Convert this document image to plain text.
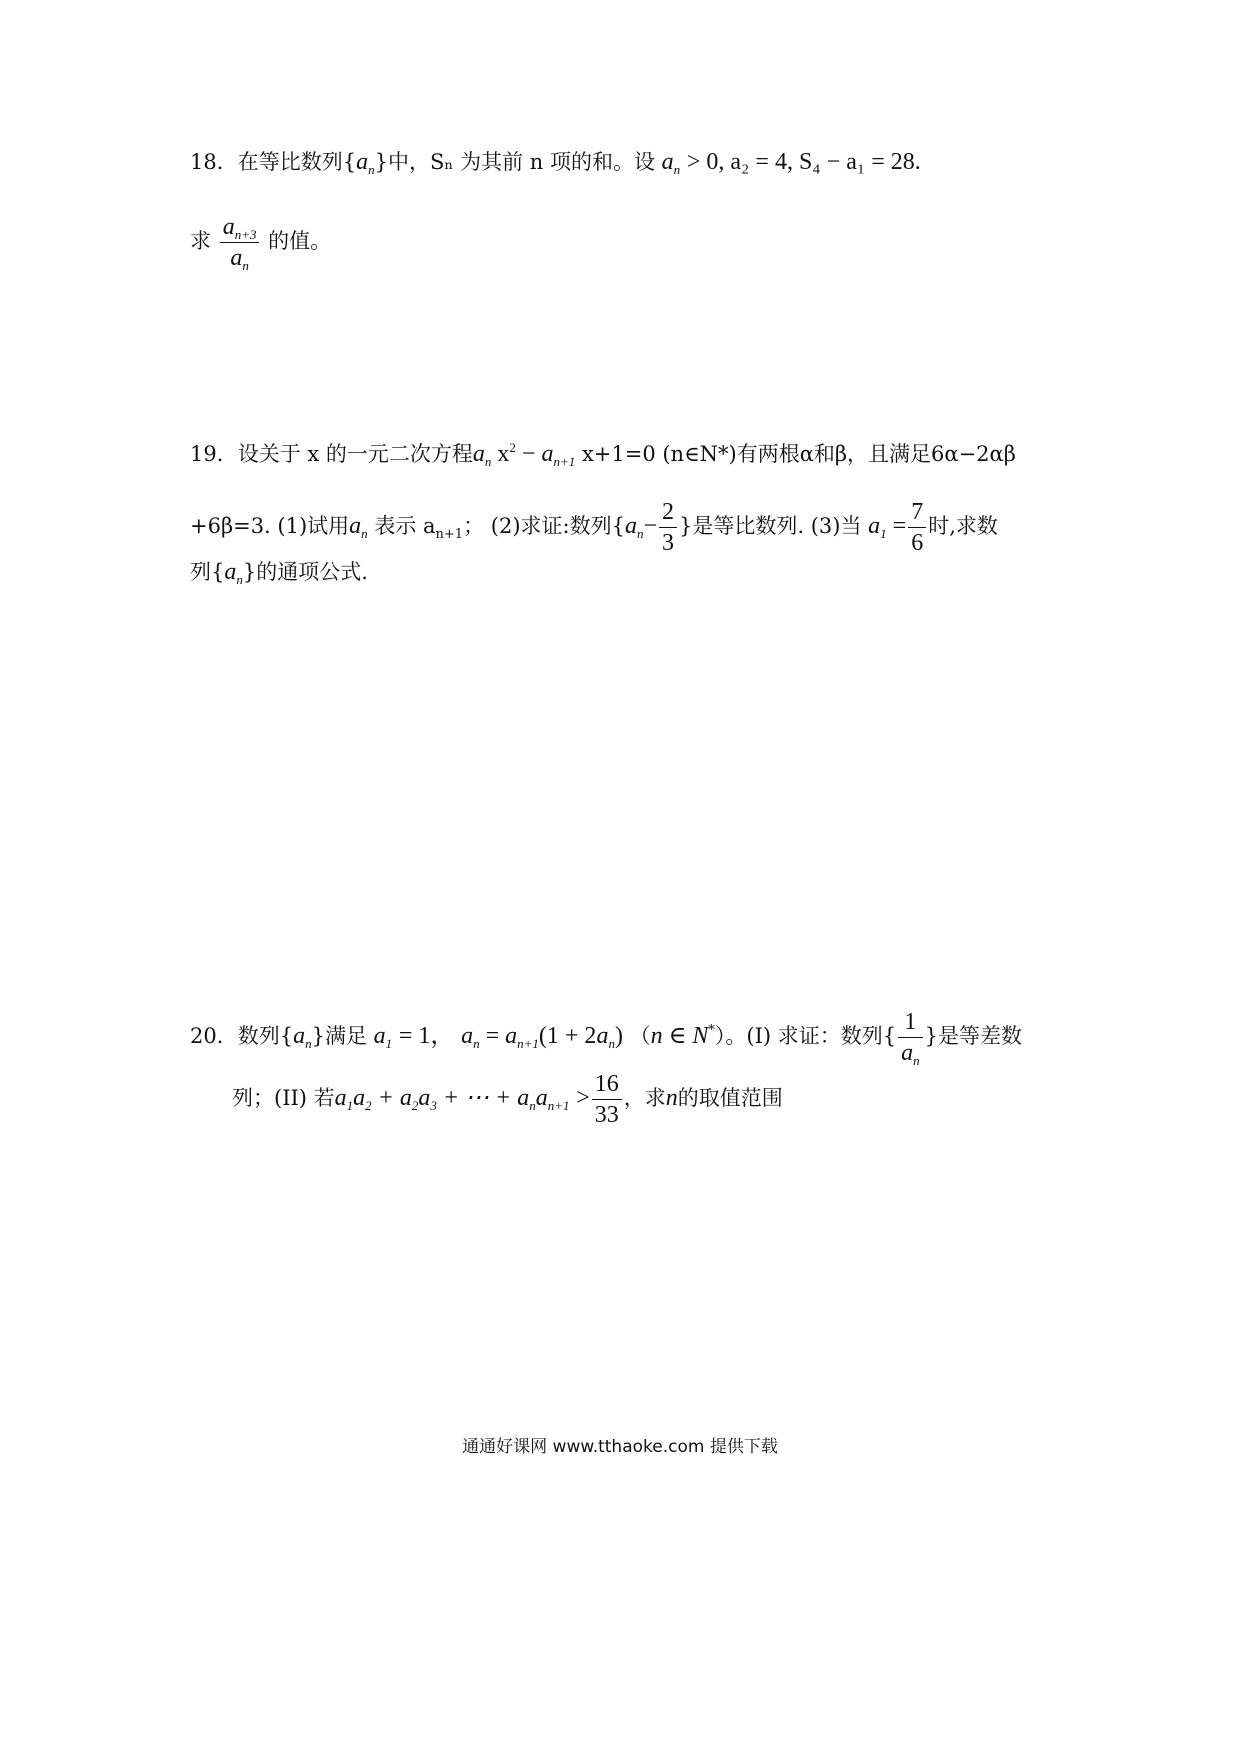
18．在等比数列$\{a_n\}$中，Sₙ 为其前 n 项的和。设 $a_n > 0$, a₂ = 4, S₄ − a₁ = 28.
求 $\frac{a_{n+3}}{a_n}$ 的值。
19．设关于 x 的一元二次方程$a_n$ $x^2 - a_{n+1}$ x+1=0 (n∈N*)有两根α和β，且满足6α−2αβ
+6β=3. (1)试用$a_n$ 表示 $a_{n+1}$； (2)求证:数列{$a_n- \frac{2}{3}$ }是等比数列. (3)当 $a_1 = \frac{7}{6}$ 时,求数
列$\{a_n\}$的通项公式.
20．数列$\{a_n\}$满足 $a_1 = 1$， $a_n = a_{n+1}(1 + 2a_n)$ （n ∈ N*）。(I) 求证：数列{ $\frac{1}{a_n}$ }是等差数
列；(II) 若$a_1a_2 + a_2a_3$ + ⋯ + $a_na_{n+1} > \frac{16}{33}$ ，求n的取值范围
通通好课网 www.tthaoke.com 提供下载
